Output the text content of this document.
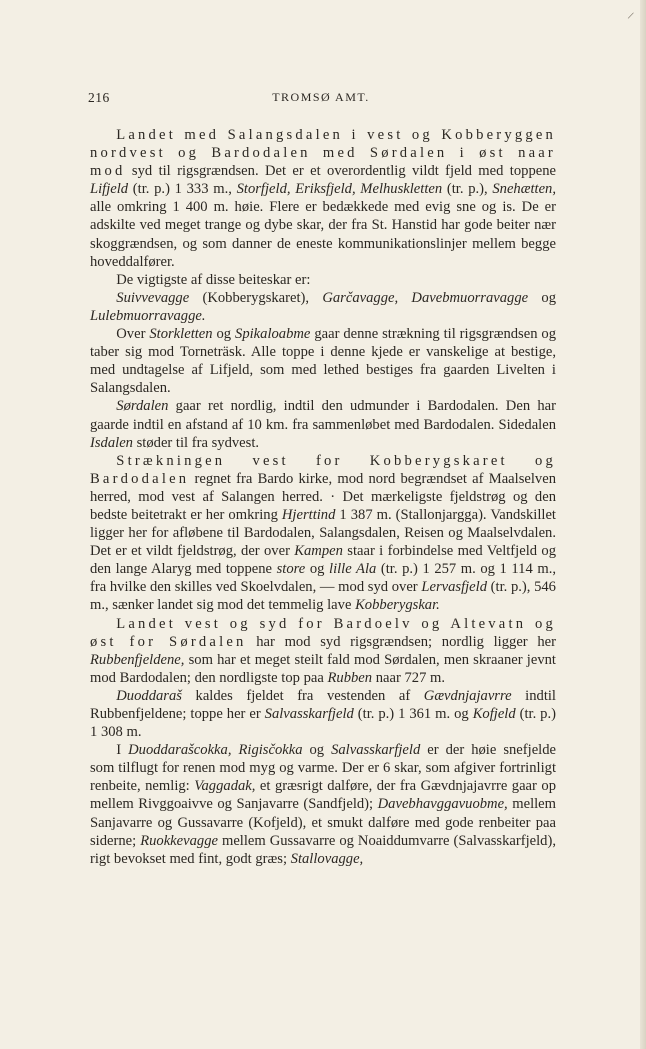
/
216	TROMSØ AMT.

Landet med Salangsdalen i vest og Kobberyggen nordvest og Bardodalen med Sørdalen i øst naar mod syd til rigsgrændsen. Det er et overordentlig vildt fjeld med toppene Lifjeld (tr. p.) 1 333 m., Storfjeld, Eriksfjeld, Melhuskletten (tr. p.), Snehætten, alle omkring 1 400 m. høie. Flere er bedækkede med evig sne og is. De er adskilte ved meget trange og dybe skar, der fra St. Hanstid har gode beiter nær skoggrændsen, og som danner de eneste kommunikationslinjer mellem begge hoveddalfører.

De vigtigste af disse beiteskar er:

Suivvevagge (Kobberygskaret), Garčavagge, Davebmuorravagge og Lulebmuorravagge.

Over Storkletten og Spikaloabme gaar denne strækning til rigsgrændsen og taber sig mod Torneträsk. Alle toppe i denne kjede er vanskelige at bestige, med undtagelse af Lifjeld, som med lethed bestiges fra gaarden Livelten i Salangsdalen.

Sørdalen gaar ret nordlig, indtil den udmunder i Bardodalen. Den har gaarde indtil en afstand af 10 km. fra sammenløbet med Bardodalen. Sidedalen Isdalen støder til fra sydvest.

Strækningen vest for Kobberygskaret og Bardodalen regnet fra Bardo kirke, mod nord begrændset af Maalselven herred, mod vest af Salangen herred. · Det mærkeligste fjeldstrøg og den bedste beitetrakt er her omkring Hjerttind 1 387 m. (Stallonjargga). Vandskillet ligger her for afløbene til Bardodalen, Salangsdalen, Reisen og Maalselvdalen. Det er et vildt fjeldstrøg, der over Kampen staar i forbindelse med Veltfjeld og den lange Alaryg med toppene store og lille Ala (tr. p.) 1 257 m. og 1 114 m., fra hvilke den skilles ved Skoelvdalen, — mod syd over Lervasfjeld (tr. p.), 546 m., sænker landet sig mod det temmelig lave Kobberygskar.

Landet vest og syd for Bardoelv og Altevatn og øst for Sørdalen har mod syd rigsgrændsen; nordlig ligger her Rubbenfjeldene, som har et meget steilt fald mod Sørdalen, men skraaner jevnt mod Bardodalen; den nordligste top paa Rubben naar 727 m.

Duoddaraš kaldes fjeldet fra vestenden af Gævdnjajavrre indtil Rubbenfjeldene; toppe her er Salvasskarfjeld (tr. p.) 1 361 m. og Kofjeld (tr. p.) 1 308 m.

I Duoddarašcokka, Rigisčokka og Salvasskarfjeld er der høie snefjelde som tilflugt for renen mod myg og varme. Der er 6 skar, som afgiver fortrinligt renbeite, nemlig: Vaggadak, et græsrigt dalføre, der fra Gævdnjajavrre gaar op mellem Rivggoaivve og Sanjavarre (Sandfjeld); Davebhavggavuobme, mellem Sanjavarre og Gussavarre (Kofjeld), et smukt dalføre med gode renbeiter paa siderne; Ruokkevagge mellem Gussavarre og Noaiddumvarre (Salvasskarfjeld), rigt bevokset med fint, godt græs; Stallovagge,
